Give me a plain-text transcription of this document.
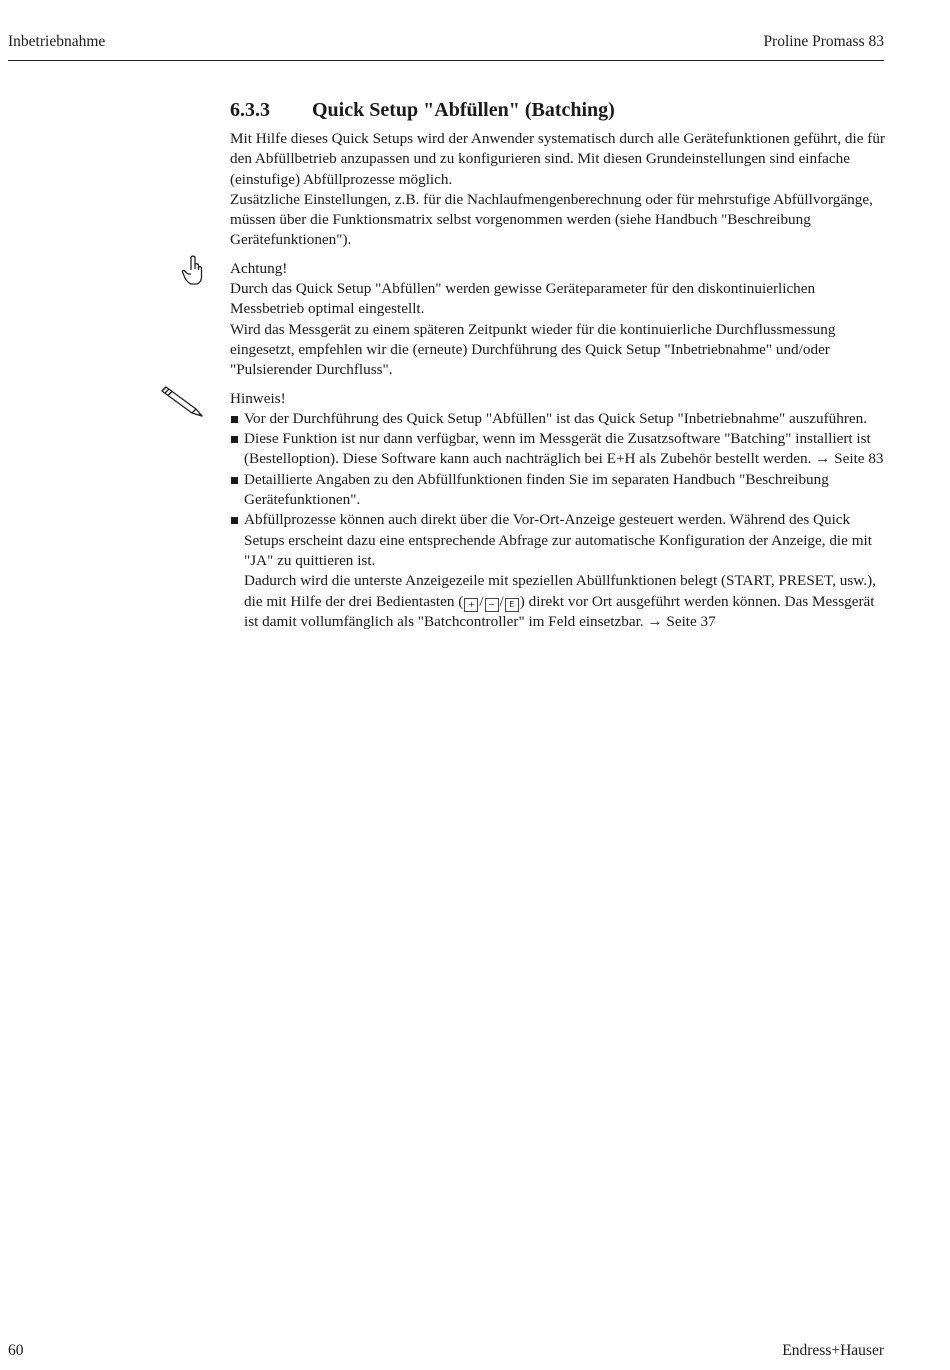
Inbetriebnahme	Proline Promass 83
6.3.3 Quick Setup "Abfüllen" (Batching)

Mit Hilfe dieses Quick Setups wird der Anwender systematisch durch alle Gerätefunktionen geführt, die für den Abfüllbetrieb anzupassen und zu konfigurieren sind. Mit diesen Grundeinstellungen sind einfache (einstufige) Abfüllprozesse möglich.

Zusätzliche Einstellungen, z.B. für die Nachlaufmengenberechnung oder für mehrstufige Abfüllvorgänge, müssen über die Funktionsmatrix selbst vorgenommen werden (siehe Handbuch "Beschreibung Gerätefunktionen").

Achtung!

Durch das Quick Setup "Abfüllen" werden gewisse Geräteparameter für den diskontinuierlichen Messbetrieb optimal eingestellt.

Wird das Messgerät zu einem späteren Zeitpunkt wieder für die kontinuierliche Durchflussmessung eingesetzt, empfehlen wir die (erneute) Durchführung des Quick Setup "Inbetriebnahme" und/oder "Pulsierender Durchfluss".

Hinweis!

Vor der Durchführung des Quick Setup "Abfüllen" ist das Quick Setup "Inbetriebnahme" auszuführen.
Diese Funktion ist nur dann verfügbar, wenn im Messgerät die Zusatzsoftware "Batching" installiert ist (Bestelloption). Diese Software kann auch nachträglich bei E+H als Zubehör bestellt werden. → Seite 83
Detaillierte Angaben zu den Abfüllfunktionen finden Sie im separaten Handbuch "Beschreibung Gerätefunktionen".
Abfüllprozesse können auch direkt über die Vor-Ort-Anzeige gesteuert werden. Während des Quick Setups erscheint dazu eine entsprechende Abfrage zur automatische Konfiguration der Anzeige, die mit "JA" zu quittieren ist.
Dadurch wird die unterste Anzeigezeile mit speziellen Abüllfunktionen belegt (START, PRESET, usw.), die mit Hilfe der drei Bedientasten ( + / − / E ) direkt vor Ort ausgeführt werden können. Das Messgerät ist damit vollumfänglich als "Batchcontroller" im Feld einsetzbar. → Seite 37
60	Endress+Hauser
